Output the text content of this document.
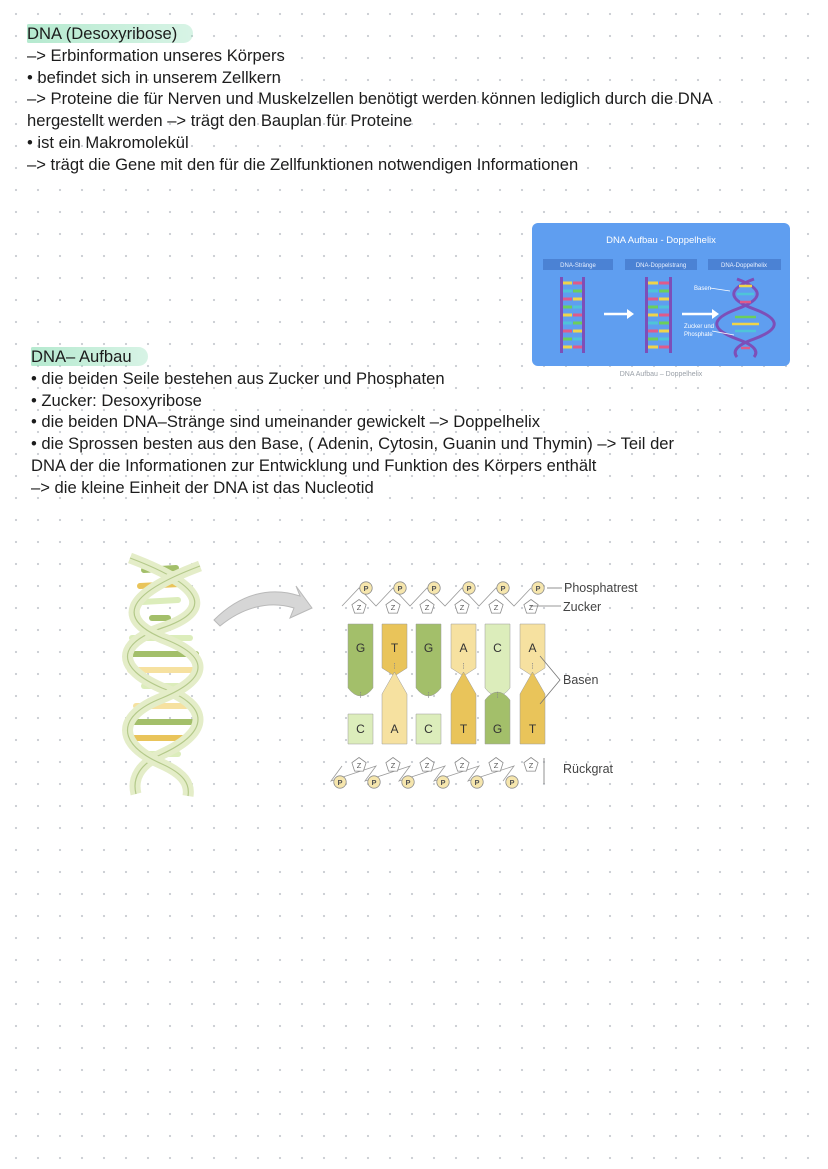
DNA (Desoxyribose)

–> Erbinformation unseres Körpers

• befindet sich in unserem Zellkern

–> Proteine die für Nerven und Muskelzellen benötigt werden können lediglich durch die DNA

hergestellt werden –> trägt den Bauplan für Proteine

• ist ein Makromolekül

–> trägt die Gene mit den für die Zellfunktionen notwendigen Informationen

DNA Aufbau - Doppelhelix
DNA-Stränge	DNA-Doppelstrang	DNA-Doppelhelix
Basen
Zucker und
Phosphate
DNA Aufbau – Doppelhelix

DNA– Aufbau

• die beiden Seile bestehen aus Zucker und Phosphaten

• Zucker: Desoxyribose

• die beiden DNA–Stränge sind umeinander gewickelt –> Doppelhelix

• die Sprossen besten aus den Base, ( Adenin, Cytosin, Guanin und Thymin) –> Teil der

DNA der die Informationen zur Entwicklung und Funktion des Körpers enthält

–> die kleine Einheit der DNA ist das Nucleotid

G
C
⁝
Z
Z
P
P
T
A
⁝
Z
Z
P
P
G
C
⁝
Z
Z
P
P
A
T
⁝
Z
Z
P
P
C
G
⁝
Z
Z
P
P
A
T
⁝
Z
Z
P
P
Phosphatrest
Zucker
Basen
Rückgrat
